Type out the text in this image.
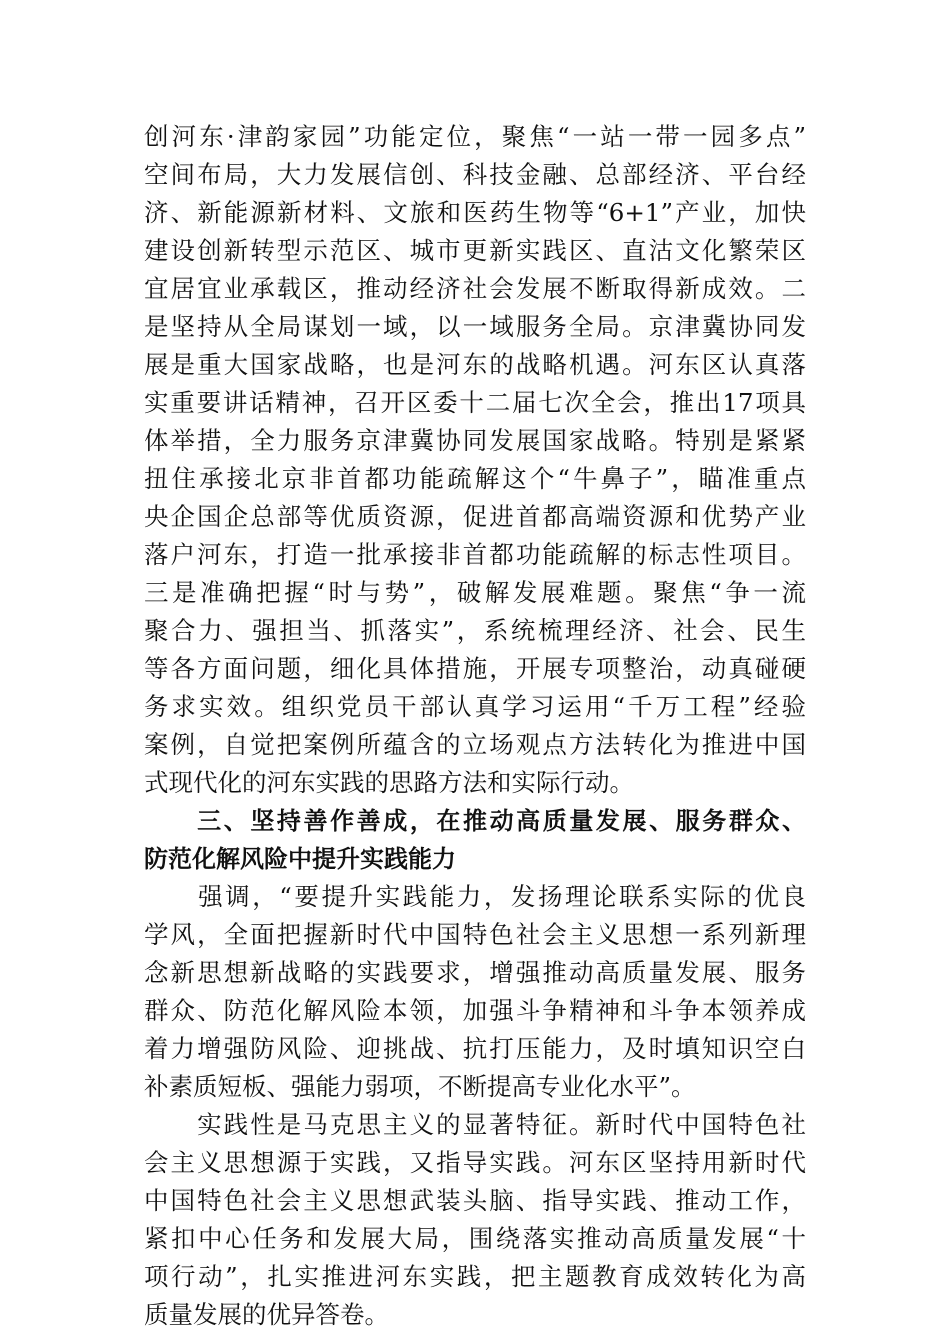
创河东·津韵家园”功能定位，聚焦“一站一带一园多点”
空间布局，大力发展信创、科技金融、总部经济、平台经
济、新能源新材料、文旅和医药生物等“6+1”产业，加快
建设创新转型示范区、城市更新实践区、直沽文化繁荣区
宜居宜业承载区，推动经济社会发展不断取得新成效。二
是坚持从全局谋划一域，以一域服务全局。京津冀协同发
展是重大国家战略，也是河东的战略机遇。河东区认真落
实重要讲话精神，召开区委十二届七次全会，推出17项具
体举措，全力服务京津冀协同发展国家战略。特别是紧紧
扭住承接北京非首都功能疏解这个“牛鼻子”，瞄准重点
央企国企总部等优质资源，促进首都高端资源和优势产业
落户河东，打造一批承接非首都功能疏解的标志性项目。
三是准确把握“时与势”，破解发展难题。聚焦“争一流
聚合力、强担当、抓落实”，系统梳理经济、社会、民生
等各方面问题，细化具体措施，开展专项整治，动真碰硬
务求实效。组织党员干部认真学习运用“千万工程”经验
案例，自觉把案例所蕴含的立场观点方法转化为推进中国
式现代化的河东实践的思路方法和实际行动。
　　三、坚持善作善成，在推动高质量发展、服务群众、
防范化解风险中提升实践能力
　　强调，“要提升实践能力，发扬理论联系实际的优良
学风，全面把握新时代中国特色社会主义思想一系列新理
念新思想新战略的实践要求，增强推动高质量发展、服务
群众、防范化解风险本领，加强斗争精神和斗争本领养成
着力增强防风险、迎挑战、抗打压能力，及时填知识空白
补素质短板、强能力弱项，不断提高专业化水平”。
　　实践性是马克思主义的显著特征。新时代中国特色社
会主义思想源于实践，又指导实践。河东区坚持用新时代
中国特色社会主义思想武装头脑、指导实践、推动工作，
紧扣中心任务和发展大局，围绕落实推动高质量发展“十
项行动”，扎实推进河东实践，把主题教育成效转化为高
质量发展的优异答卷。
